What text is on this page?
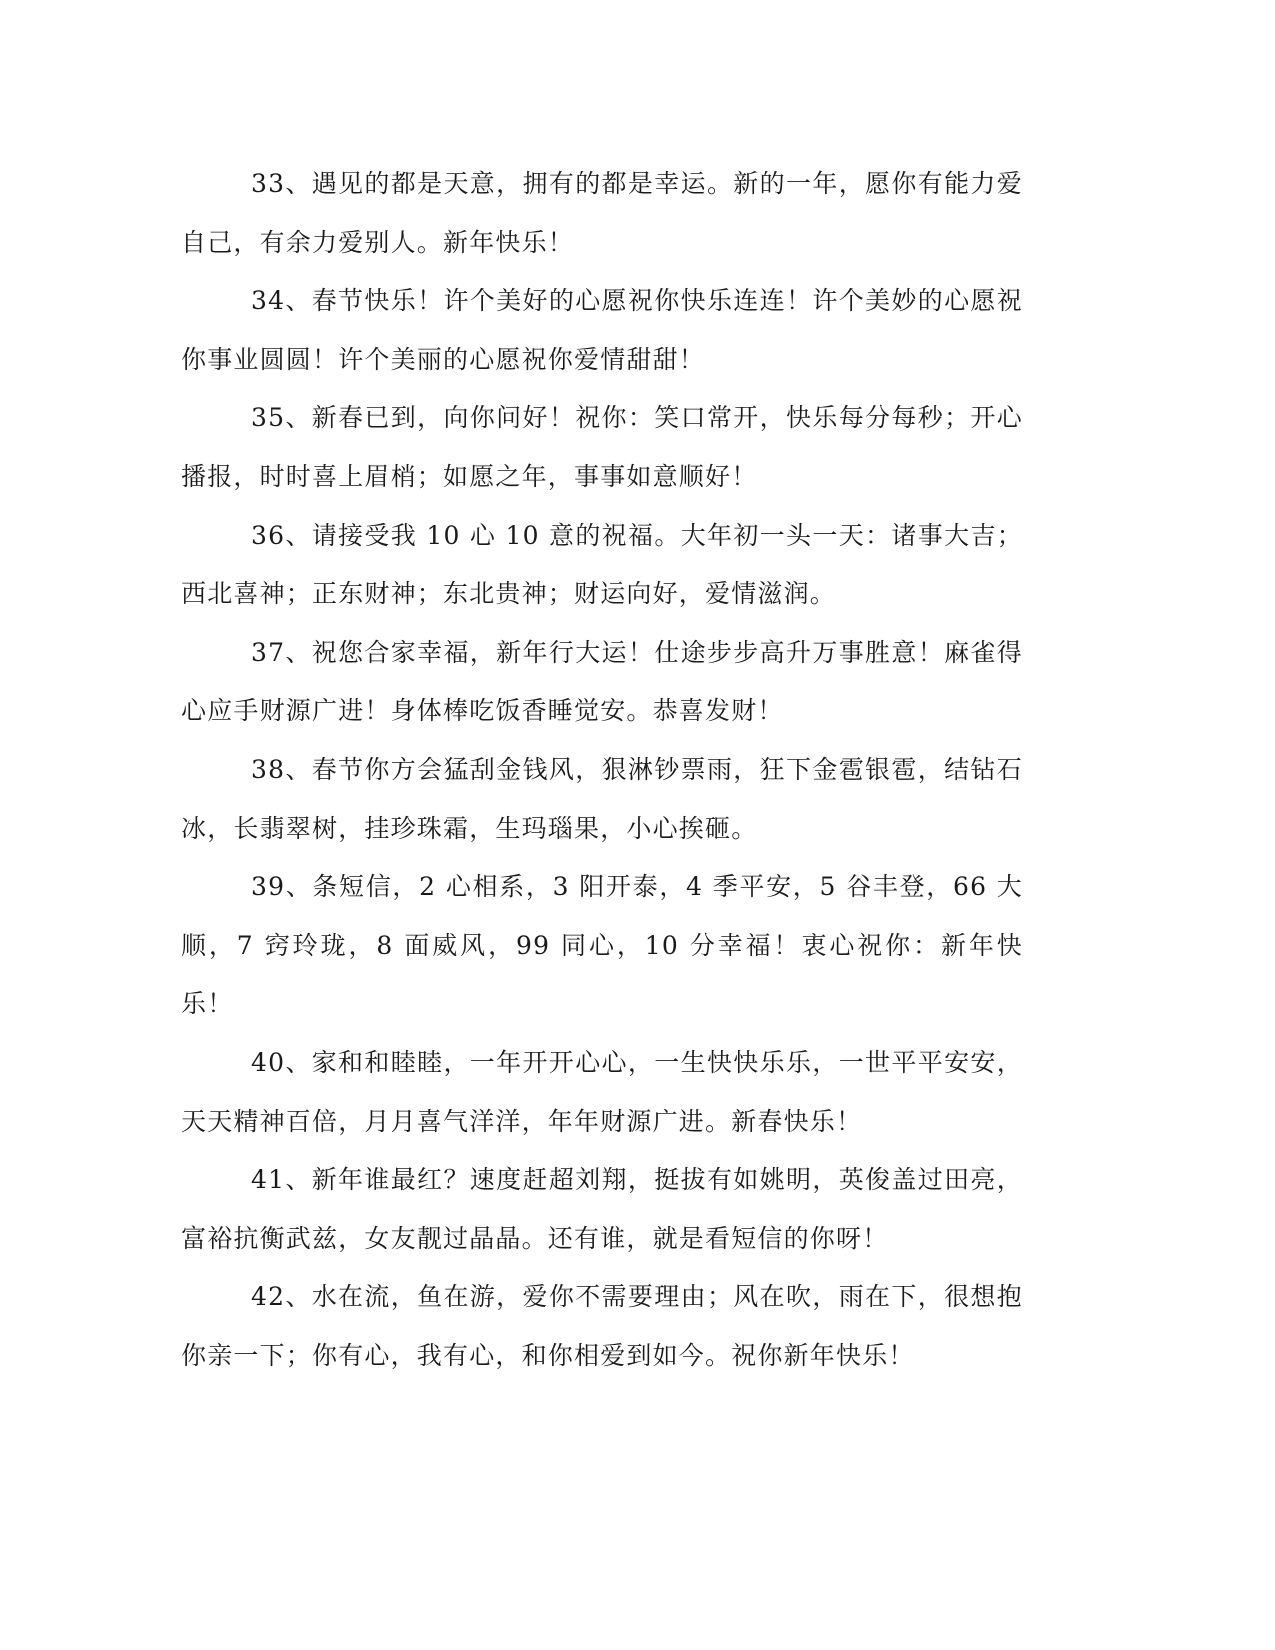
33、遇见的都是天意，拥有的都是幸运。新的一年，愿你有能力爱自己，有余力爱别人。新年快乐！

34、春节快乐！许个美好的心愿祝你快乐连连！许个美妙的心愿祝你事业圆圆！许个美丽的心愿祝你爱情甜甜！

35、新春已到，向你问好！祝你：笑口常开，快乐每分每秒；开心播报，时时喜上眉梢；如愿之年，事事如意顺好！

36、请接受我 10 心 10 意的祝福。大年初一头一天：诸事大吉；西北喜神；正东财神；东北贵神；财运向好，爱情滋润。

37、祝您合家幸福，新年行大运！仕途步步高升万事胜意！麻雀得心应手财源广进！身体棒吃饭香睡觉安。恭喜发财！

38、春节你方会猛刮金钱风，狠淋钞票雨，狂下金雹银雹，结钻石冰，长翡翠树，挂珍珠霜，生玛瑙果，小心挨砸。

39、条短信，2 心相系，3 阳开泰，4 季平安，5 谷丰登，66 大顺，7 窍玲珑，8 面威风，99 同心，10 分幸福！衷心祝你：新年快乐！

40、家和和睦睦，一年开开心心，一生快快乐乐，一世平平安安，天天精神百倍，月月喜气洋洋，年年财源广进。新春快乐！

41、新年谁最红？速度赶超刘翔，挺拔有如姚明，英俊盖过田亮，富裕抗衡武兹，女友靓过晶晶。还有谁，就是看短信的你呀！

42、水在流，鱼在游，爱你不需要理由；风在吹，雨在下，很想抱你亲一下；你有心，我有心，和你相爱到如今。祝你新年快乐！
